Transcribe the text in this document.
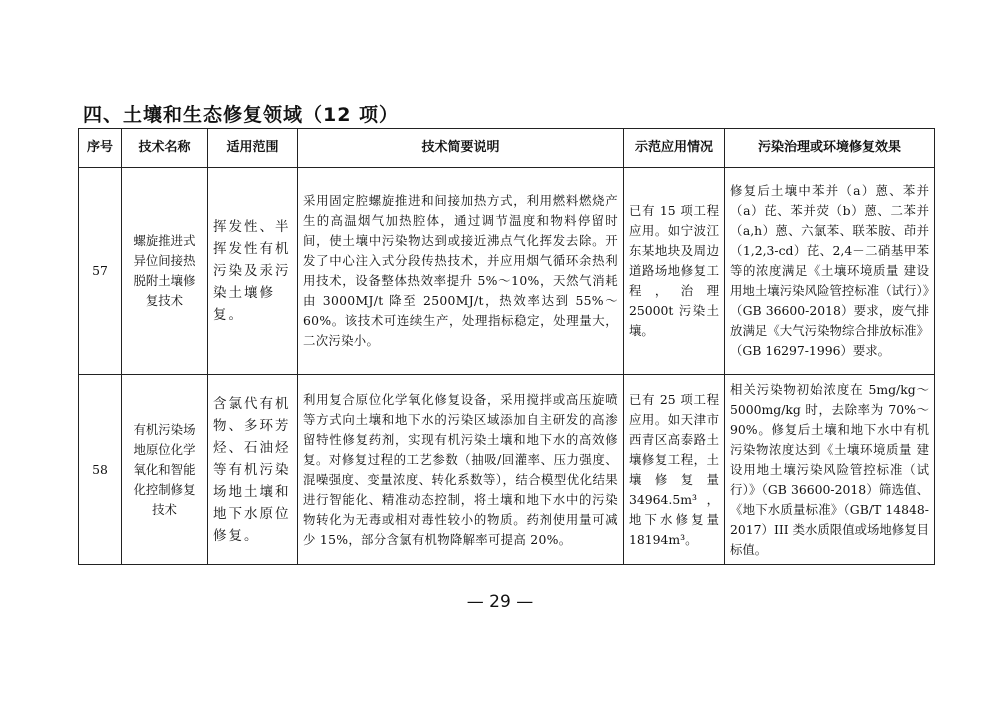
四、土壤和生态修复领域（12 项）
序号	技术名称	适用范围	技术简要说明	示范应用情况	污染治理或环境修复效果
57	螺旋推进式异位间接热脱附土壤修复技术	挥发性、半挥发性有机污染及汞污染土壤修复。	采用固定腔螺旋推进和间接加热方式，利用燃料燃烧产生的高温烟气加热腔体，通过调节温度和物料停留时间，使土壤中污染物达到或接近沸点气化挥发去除。开发了中心注入式分段传热技术，并应用烟气循环余热利用技术，设备整体热效率提升 5%～10%，天然气消耗由 3000MJ/t 降至 2500MJ/t，热效率达到 55%～60%。该技术可连续生产，处理指标稳定，处理量大，二次污染小。	已有 15 项工程应用。如宁波江东某地块及周边道路场地修复工程，治理 25000t 污染土壤。	修复后土壤中苯并（a）蒽、苯并（a）芘、苯并荧（b）蒽、二苯并（a,h）蒽、六氯苯、联苯胺、茚并（1,2,3-cd）芘、2,4－二硝基甲苯等的浓度满足《土壤环境质量 建设用地土壤污染风险管控标准（试行）》（GB 36600-2018）要求，废气排放满足《大气污染物综合排放标准》（GB 16297-1996）要求。
58	有机污染场地原位化学氧化和智能化控制修复技术	含氯代有机物、多环芳烃、石油烃等有机污染场地土壤和地下水原位修复。	利用复合原位化学氧化修复设备，采用搅拌或高压旋喷等方式向土壤和地下水的污染区域添加自主研发的高渗留特性修复药剂，实现有机污染土壤和地下水的高效修复。对修复过程的工艺参数（抽吸/回灌率、压力强度、混噪强度、变量浓度、转化系数等），结合模型优化结果进行智能化、精准动态控制，将土壤和地下水中的污染物转化为无毒或相对毒性较小的物质。药剂使用量可减少 15%，部分含氯有机物降解率可提高 20%。	已有 25 项工程应用。如天津市西青区高泰路土壤修复工程，土壤修复量 34964.5m³，地下水修复量 18194m³。	相关污染物初始浓度在 5mg/kg～5000mg/kg 时，去除率为 70%～90%。修复后土壤和地下水中有机污染物浓度达到《土壤环境质量 建设用地土壤污染风险管控标准（试行）》（GB 36600-2018）筛选值、《地下水质量标准》（GB/T 14848-2017）III 类水质限值或场地修复目标值。
— 29 —
